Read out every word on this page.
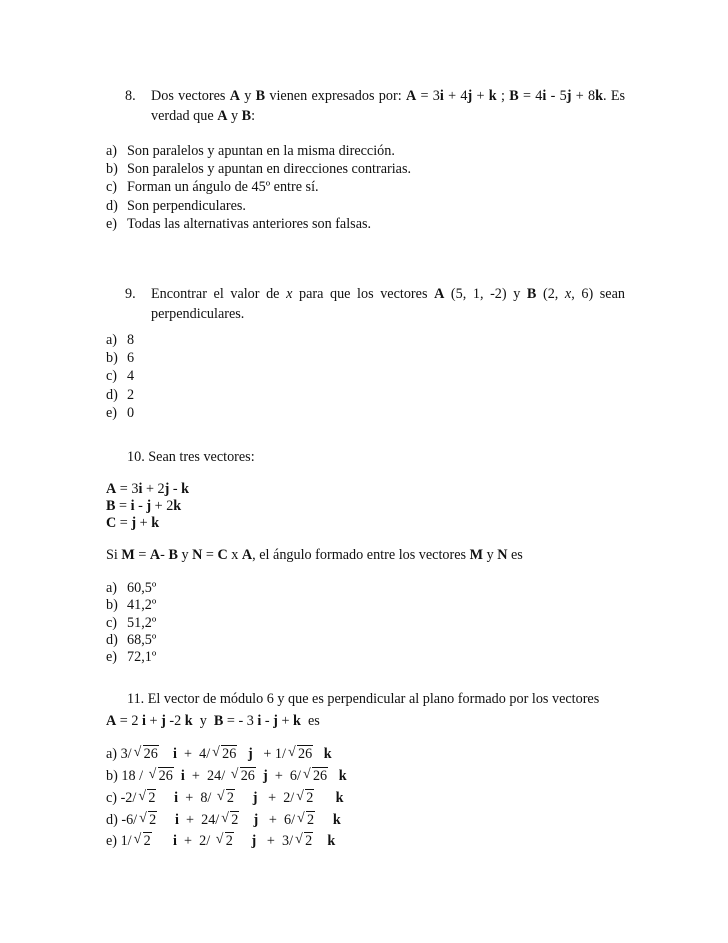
8. Dos vectores A y B vienen expresados por: A = 3i + 4j + k ; B = 4i - 5j + 8k. Es verdad que A y B:
a) Son paralelos y apuntan en la misma dirección.
b) Son paralelos y apuntan en direcciones contrarias.
c) Forman un ángulo de 45º entre sí.
d) Son perpendiculares.
e) Todas las alternativas anteriores son falsas.
9. Encontrar el valor de x para que los vectores A (5, 1, -2) y B (2, x, 6) sean perpendiculares.
a) 8
b) 6
c) 4
d) 2
e) 0
10. Sean tres vectores:
A = 3i + 2j - k
B = i - j + 2k
C = j + k
Si M = A- B y N = C x A, el ángulo formado entre los vectores M y N es
a) 60,5º
b) 41,2º
c) 51,2º
d) 68,5º
e) 72,1º
11. El vector de módulo 6 y que es perpendicular al plano formado por los vectores
A = 2 i + j -2 k  y  B = - 3 i - j + k  es
a) 3/ √ 26 i  +  4/ √ 26 j   + 1/ √ 26 k
b) 18 / √ 26 i  +  24/ √ 26 j  +  6/ √ 26 k
c) -2/ √ 2 i  +  8/ √ 2 j   +  2/ √ 2 k
d) -6/ √ 2 i  +  24/ √ 2 j   +  6/ √ 2 k
e) 1/ √ 2 i  +  2/ √ 2 j   +  3/ √ 2 k
